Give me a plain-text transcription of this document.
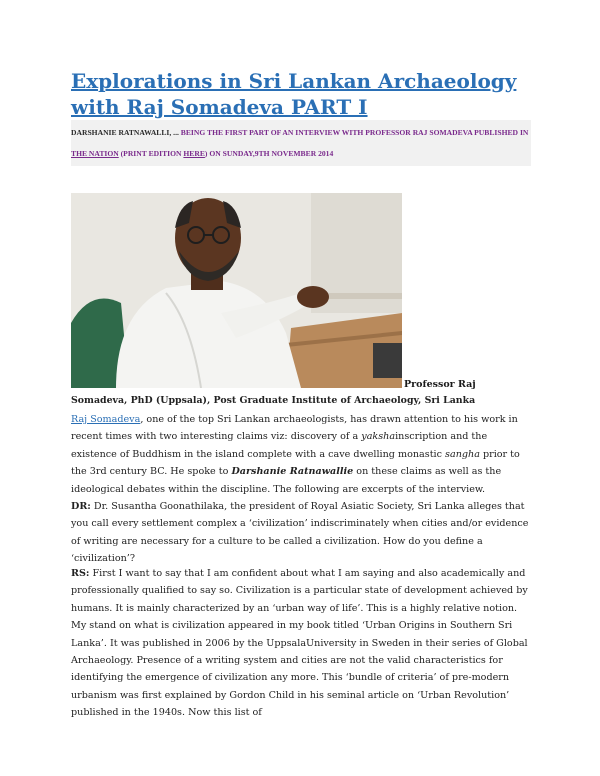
Explorations in Sri Lankan Archaeology with Raj Somadeva PART I
DARSHANIE RATNAWALLI, ... BEING THE FIRST PART OF AN INTERVIEW WITH PROFESSOR RAJ SOMADEVA PUBLISHED IN THE NATION (PRINT EDITION HERE) ON SUNDAY,9TH NOVEMBER 2014
Professor Raj
Somadeva, PhD (Uppsala), Post Graduate Institute of Archaeology, Sri Lanka
Raj Somadeva, one of the top Sri Lankan archaeologists, has drawn attention to his work in recent times with two interesting claims viz: discovery of a yakshainscription and the existence of Buddhism in the island complete with a cave dwelling monastic sangha prior to the 3rd century BC. He spoke to Darshanie Ratnawallie on these claims as well as the ideological debates within the discipline. The following are excerpts of the interview.
DR: Dr. Susantha Goonathilaka, the president of Royal Asiatic Society, Sri Lanka alleges that you call every settlement complex a ‘civilization’ indiscriminately when cities and/or evidence of writing are necessary for a culture to be called a civilization. How do you define a ‘civilization’?
RS: First I want to say that I am confident about what I am saying and also academically and professionally qualified to say so. Civilization is a particular state of development achieved by humans. It is mainly characterized by an ‘urban way of life’. This is a highly relative notion. My stand on what is civilization appeared in my book titled ‘Urban Origins in Southern Sri Lanka’. It was published in 2006 by the UppsalaUniversity in Sweden in their series of Global Archaeology. Presence of a writing system and cities are not the valid characteristics for identifying the emergence of civilization any more. This ‘bundle of criteria’ of pre-modern urbanism was first explained by Gordon Child in his seminal article on ‘Urban Revolution’ published in the 1940s. Now this list of
